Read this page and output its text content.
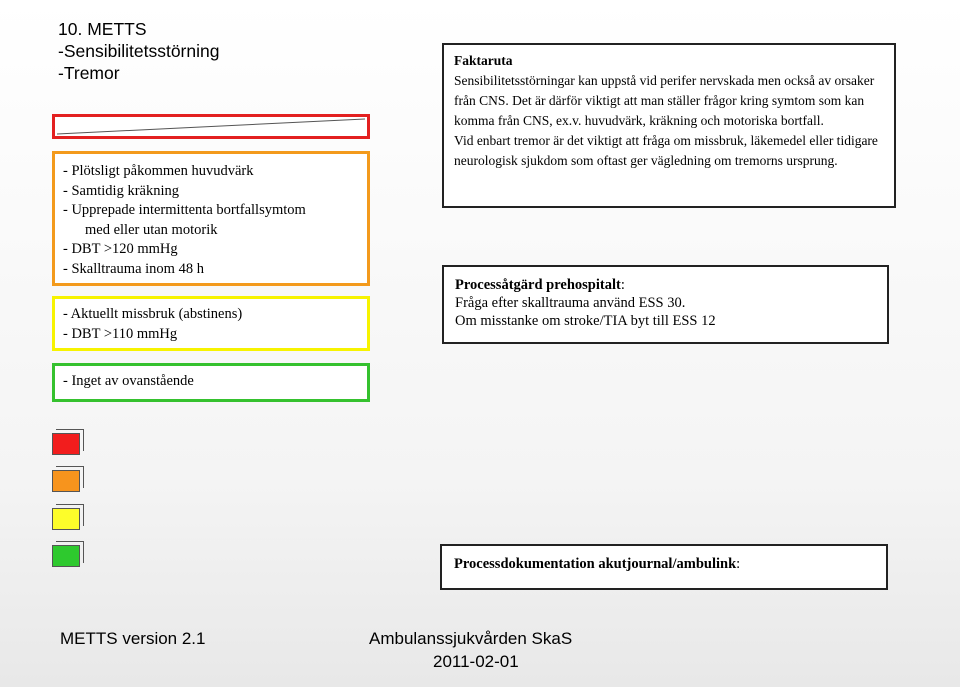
10. METTS
-Sensibilitetsstörning
-Tremor
- Plötsligt påkommen huvudvärk
- Samtidig kräkning
- Upprepade intermittenta bortfallsymtom
med eller utan motorik
- DBT >120 mmHg
- Skalltrauma inom 48 h
- Aktuellt missbruk (abstinens)
- DBT >110 mmHg
- Inget av ovanstående
Faktaruta
Sensibilitetsstörningar kan uppstå vid perifer nervskada men också av orsaker från CNS. Det är därför viktigt att man ställer frågor kring symtom som kan komma från CNS, ex.v. huvudvärk, kräkning och motoriska bortfall.
Vid enbart tremor är det viktigt att fråga om missbruk, läkemedel eller tidigare neurologisk sjukdom som oftast ger vägledning om tremorns ursprung.
Processåtgärd prehospitalt:
Fråga efter skalltrauma använd ESS 30.
Om misstanke om stroke/TIA byt till ESS 12
Processdokumentation akutjournal/ambulink:
METTS version 2.1	Ambulanssjukvården SkaS
2011-02-01
